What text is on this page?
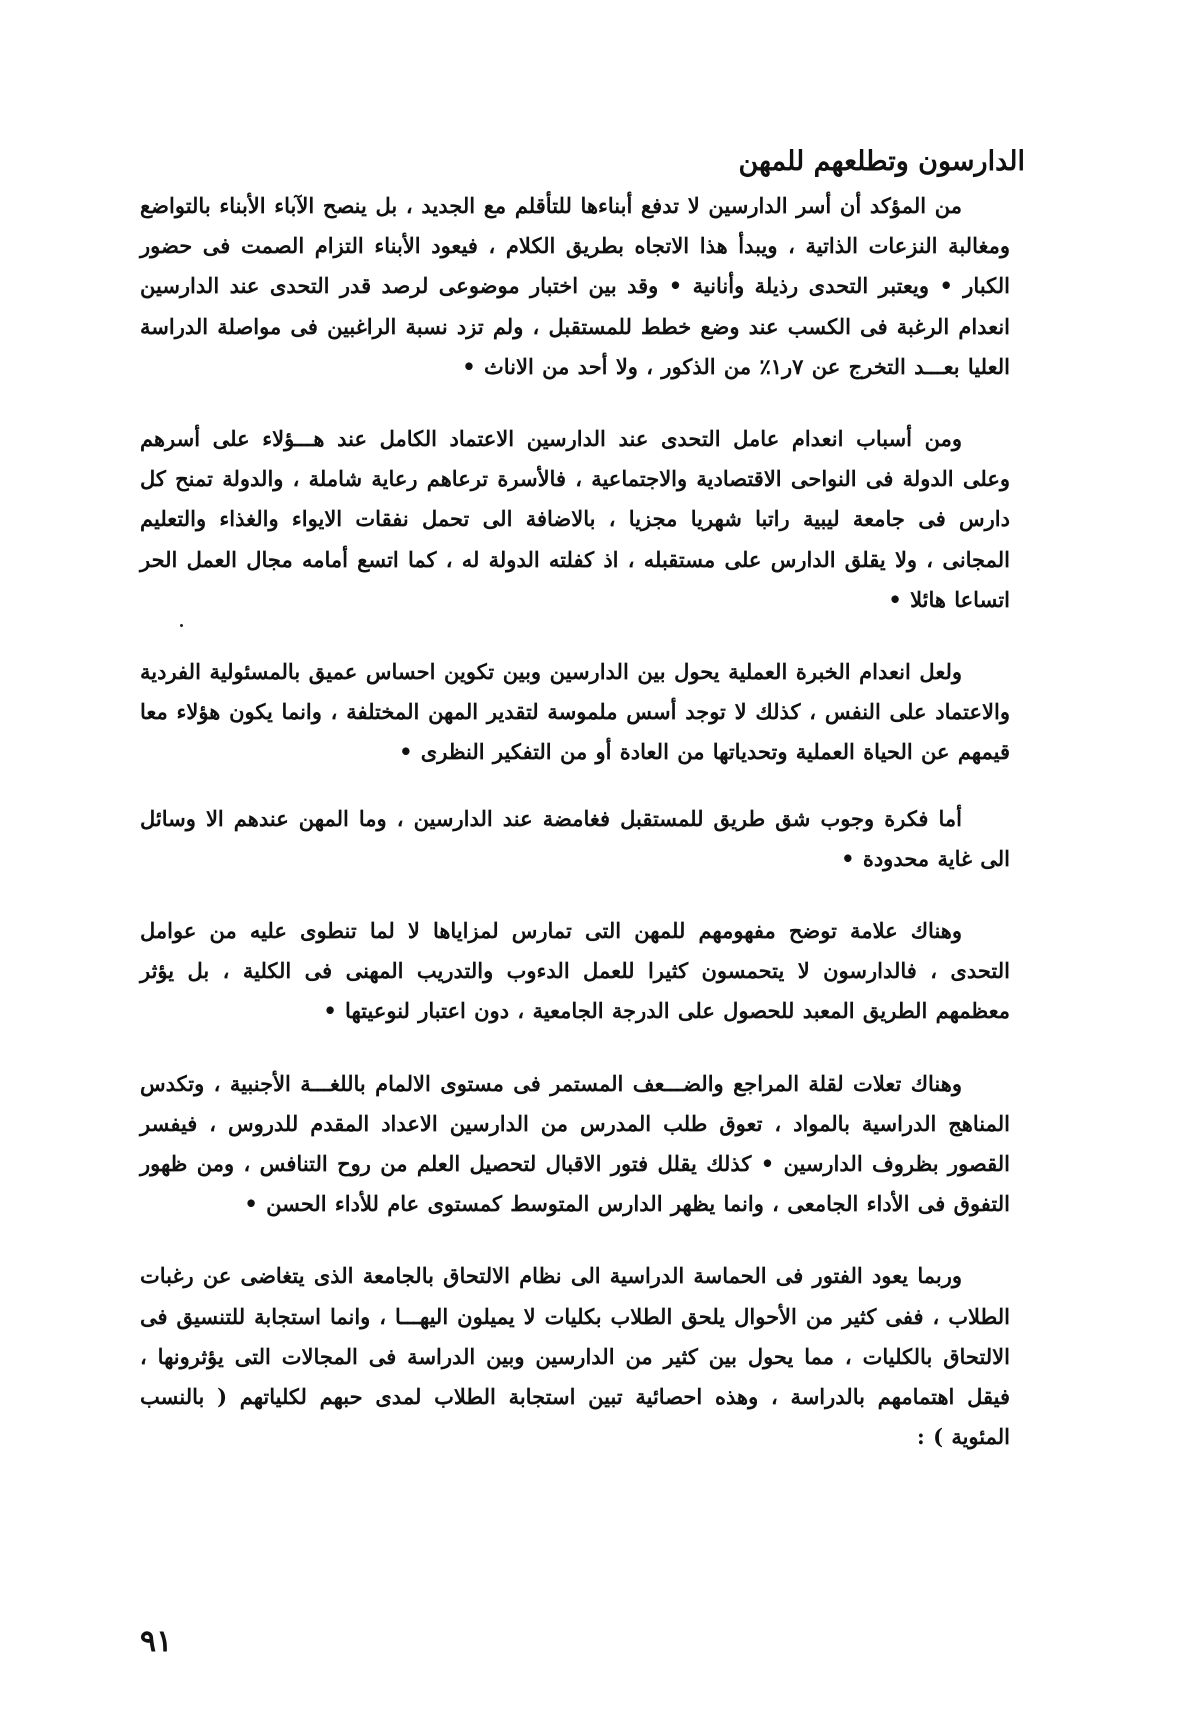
الدارسون وتطلعهم للمهن

من المؤكد أن أسر الدارسين لا تدفع أبناءها للتأقلم مع الجديد ، بل ينصح الآباء الأبناء بالتواضع ومغالبة النزعات الذاتية ، ويبدأ هذا الاتجاه بطريق الكلام ، فيعود الأبناء التزام الصمت فى حضور الكبار • ويعتبر التحدى رذيلة وأنانية • وقد بين اختبار موضوعى لرصد قدر التحدى عند الدارسين انعدام الرغبة فى الكسب عند وضع خطط للمستقبل ، ولم تزد نسبة الراغبين فى مواصلة الدراسة العليا بعـــد التخرج عن ٧ر١٪ من الذكور ، ولا أحد من الاناث •

ومن أسباب انعدام عامل التحدى عند الدارسين الاعتماد الكامل عند هـــؤلاء على أسرهم وعلى الدولة فى النواحى الاقتصادية والاجتماعية ، فالأسرة ترعاهم رعاية شاملة ، والدولة تمنح كل دارس فى جامعة ليبية راتبا شهريا مجزيا ، بالاضافة الى تحمل نفقات الايواء والغذاء والتعليم المجانى ، ولا يقلق الدارس على مستقبله ، اذ كفلته الدولة له ، كما اتسع أمامه مجال العمل الحر اتساعا هائلا •

ولعل انعدام الخبرة العملية يحول بين الدارسين وبين تكوين احساس عميق بالمسئولية الفردية والاعتماد على النفس ، كذلك لا توجد أسس ملموسة لتقدير المهن المختلفة ، وانما يكون هؤلاء معا قيمهم عن الحياة العملية وتحدياتها من العادة أو من التفكير النظرى •

أما فكرة وجوب شق طريق للمستقبل فغامضة عند الدارسين ، وما المهن عندهم الا وسائل الى غاية محدودة •

وهناك علامة توضح مفهومهم للمهن التى تمارس لمزاياها لا لما تنطوى عليه من عوامل التحدى ، فالدارسون لا يتحمسون كثيرا للعمل الدءوب والتدريب المهنى فى الكلية ، بل يؤثر معظمهم الطريق المعبد للحصول على الدرجة الجامعية ، دون اعتبار لنوعيتها •

وهناك تعلات لقلة المراجع والضـــعف المستمر فى مستوى الالمام باللغـــة الأجنبية ، وتكدس المناهج الدراسية بالمواد ، تعوق طلب المدرس من الدارسين الاعداد المقدم للدروس ، فيفسر القصور بظروف الدارسين • كذلك يقلل فتور الاقبال لتحصيل العلم من روح التنافس ، ومن ظهور التفوق فى الأداء الجامعى ، وانما يظهر الدارس المتوسط كمستوى عام للأداء الحسن •

وربما يعود الفتور فى الحماسة الدراسية الى نظام الالتحاق بالجامعة الذى يتغاضى عن رغبات الطلاب ، ففى كثير من الأحوال يلحق الطلاب بكليات لا يميلون اليهـــا ، وانما استجابة للتنسيق فى الالتحاق بالكليات ، مما يحول بين كثير من الدارسين وبين الدراسة فى المجالات التى يؤثرونها ، فيقل اهتمامهم بالدراسة ، وهذه احصائية تبين استجابة الطلاب لمدى حبهم لكلياتهم ( بالنسب المئوية ) :

٩١
